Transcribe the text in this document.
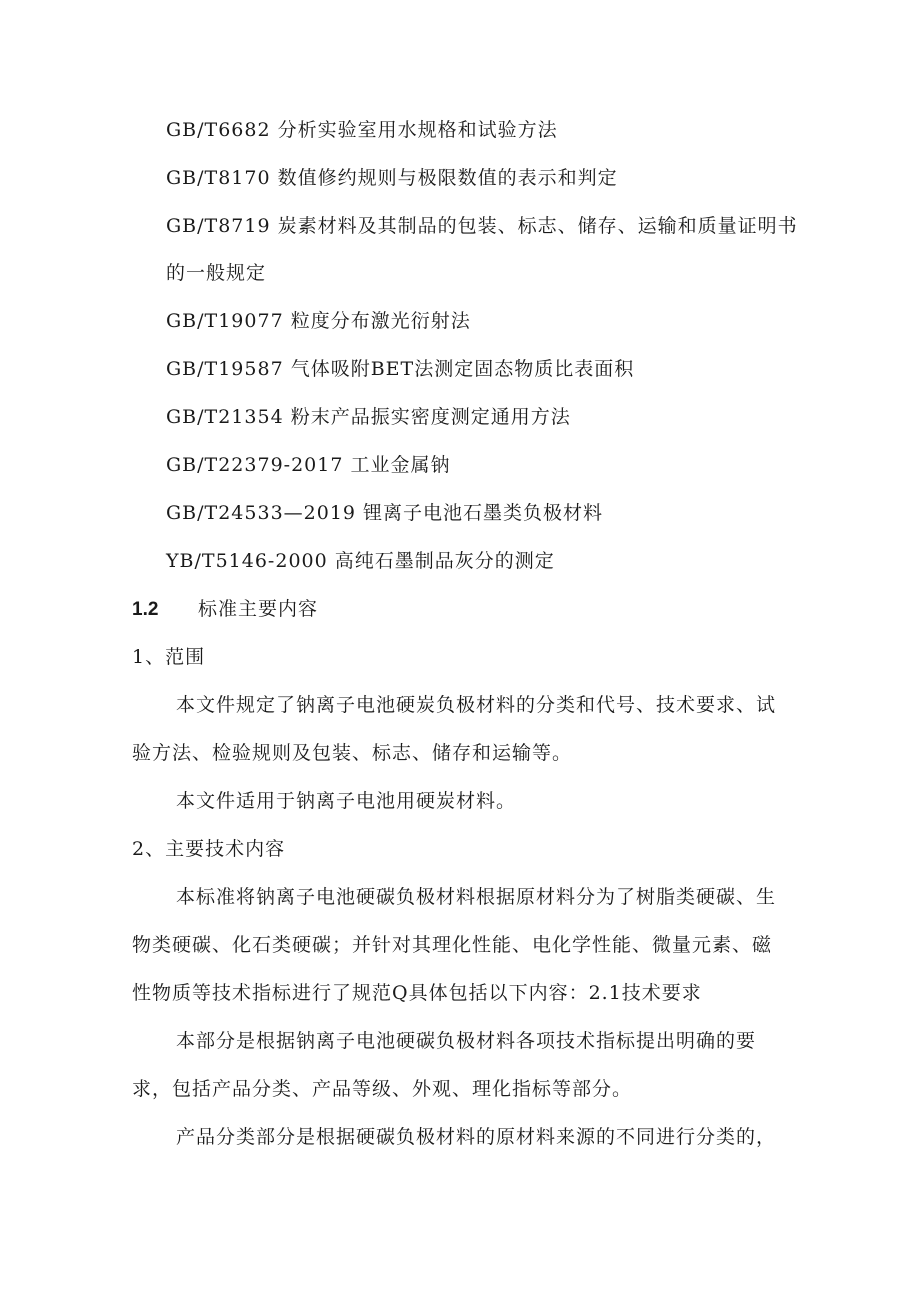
GB/T6682 分析实验室用水规格和试验方法
GB/T8170 数值修约规则与极限数值的表示和判定
GB/T8719 炭素材料及其制品的包装、标志、储存、运输和质量证明书
的一般规定
GB/T19077 粒度分布激光衍射法
GB/T19587 气体吸附BET法测定固态物质比表面积
GB/T21354 粉末产品振实密度测定通用方法
GB/T22379-2017 工业金属钠
GB/T24533—2019 锂离子电池石墨类负极材料
YB/T5146-2000 高纯石墨制品灰分的测定
1.2 标准主要内容
1、范围
本文件规定了钠离子电池硬炭负极材料的分类和代号、技术要求、试
验方法、检验规则及包装、标志、储存和运输等。
本文件适用于钠离子电池用硬炭材料。
2、主要技术内容
本标准将钠离子电池硬碳负极材料根据原材料分为了树脂类硬碳、生
物类硬碳、化石类硬碳；并针对其理化性能、电化学性能、微量元素、磁
性物质等技术指标进行了规范Q具体包括以下内容：2.1技术要求
本部分是根据钠离子电池硬碳负极材料各项技术指标提出明确的要
求，包括产品分类、产品等级、外观、理化指标等部分。
产品分类部分是根据硬碳负极材料的原材料来源的不同进行分类的，
